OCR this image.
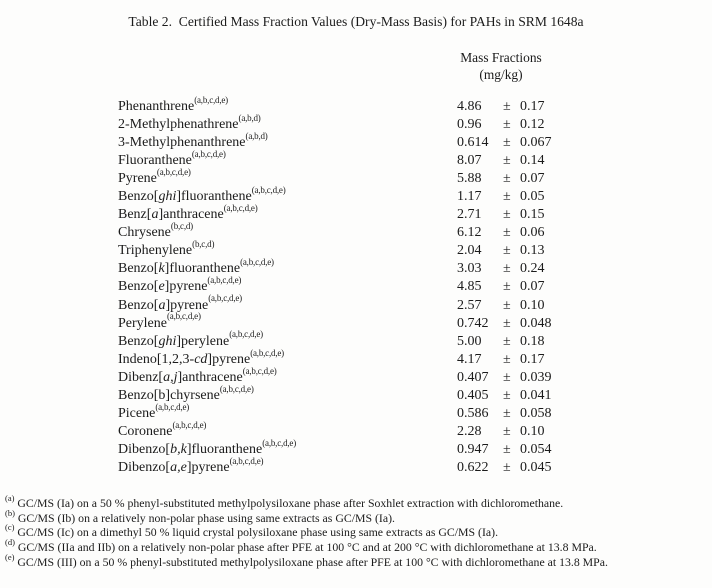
Table 2.  Certified Mass Fraction Values (Dry-Mass Basis) for PAHs in SRM 1648a
Mass Fractions
(mg/kg)
Phenanthrene$^{(a,b,c,d,e)}$	4.86 ± 0.17
2-Methylphenathrene$^{(a,b,d)}$	0.96 ± 0.12
3-Methylphenanthrene$^{(a,b,d)}$	0.614 ± 0.067
Fluoranthene$^{(a,b,c,d,e)}$	8.07 ± 0.14
Pyrene$^{(a,b,c,d,e)}$	5.88 ± 0.07
Benzo[ghi]fluoranthene$^{(a,b,c,d,e)}$	1.17 ± 0.05
Benz[a]anthracene$^{(a,b,c,d,e)}$	2.71 ± 0.15
Chrysene$^{(b,c,d)}$	6.12 ± 0.06
Triphenylene$^{(b,c,d)}$	2.04 ± 0.13
Benzo[k]fluoranthene$^{(a,b,c,d,e)}$	3.03 ± 0.24
Benzo[e]pyrene$^{(a,b,c,d,e)}$	4.85 ± 0.07
Benzo[a]pyrene$^{(a,b,c,d,e)}$	2.57 ± 0.10
Perylene$^{(a,b,c,d,e)}$	0.742 ± 0.048
Benzo[ghi]perylene$^{(a,b,c,d,e)}$	5.00 ± 0.18
Indeno[1,2,3-cd]pyrene$^{(a,b,c,d,e)}$	4.17 ± 0.17
Dibenz[a,j]anthracene$^{(a,b,c,d,e)}$	0.407 ± 0.039
Benzo[b]chyrsene$^{(a,b,c,d,e)}$	0.405 ± 0.041
Picene$^{(a,b,c,d,e)}$	0.586 ± 0.058
Coronene$^{(a,b,c,d,e)}$	2.28 ± 0.10
Dibenzo[b,k]fluoranthene$^{(a,b,c,d,e)}$	0.947 ± 0.054
Dibenzo[a,e]pyrene$^{(a,b,c,d,e)}$	0.622 ± 0.045
$^{(a)}$ GC/MS (Ia) on a 50 % phenyl-substituted methylpolysiloxane phase after Soxhlet extraction with dichloromethane.
$^{(b)}$ GC/MS (Ib) on a relatively non-polar phase using same extracts as GC/MS (Ia).
$^{(c)}$ GC/MS (Ic) on a dimethyl 50 % liquid crystal polysiloxane phase using same extracts as GC/MS (Ia).
$^{(d)}$ GC/MS (IIa and IIb) on a relatively non-polar phase after PFE at 100 °C and at 200 °C with dichloromethane at 13.8 MPa.
$^{(e)}$ GC/MS (III) on a 50 % phenyl-substituted methylpolysiloxane phase after PFE at 100 °C with dichloromethane at 13.8 MPa.
